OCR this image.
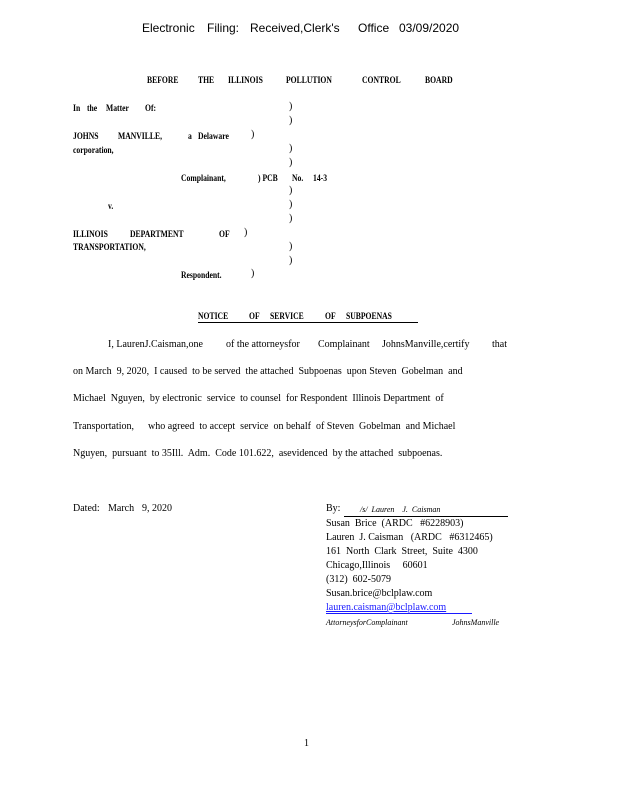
Electronic Filing: Received,Clerk's Office 03/09/2020
BEFORE THE ILLINOIS	POLLUTION	CONTROL	BOARD
In the Matter Of:
JOHNS MANVILLE,	a Delaware
corporation,
Complainant,	) PCB No. 14-3
v.
ILLINOIS DEPARTMENT	OF
TRANSPORTATION,
Respondent.
)
)
)
)
)
)
)
)
)
)
)
)
NOTICE OF SERVICE OF SUBPOENAS
I, LaurenJ.Caisman,one of the attorneysfor Complainant JohnsManville,certify that
on March  9, 2020,  I caused  to be served  the attached  Subpoenas  upon Steven  Gobelman  and
Michael  Nguyen,  by electronic  service  to counsel  for Respondent  Illinois Department  of
Transportation, who agreed  to accept  service  on behalf  of Steven  Gobelman  and Michael
Nguyen,  pursuant  to 35Ill.  Adm.  Code 101.622,  asevidenced  by the attached  subpoenas.
Dated: March 9, 2020	By: /s/  Lauren    J.  Caisman
Susan  Brice  (ARDC   #6228903)
Lauren  J. Caisman   (ARDC   #6312465)
161  North  Clark  Street,  Suite  4300
Chicago,Illinois     60601
(312)  602-5079
Susan.brice@bclplaw.com
lauren.caisman@bclplaw.com
AttorneysforComplainant	JohnsManville
1
